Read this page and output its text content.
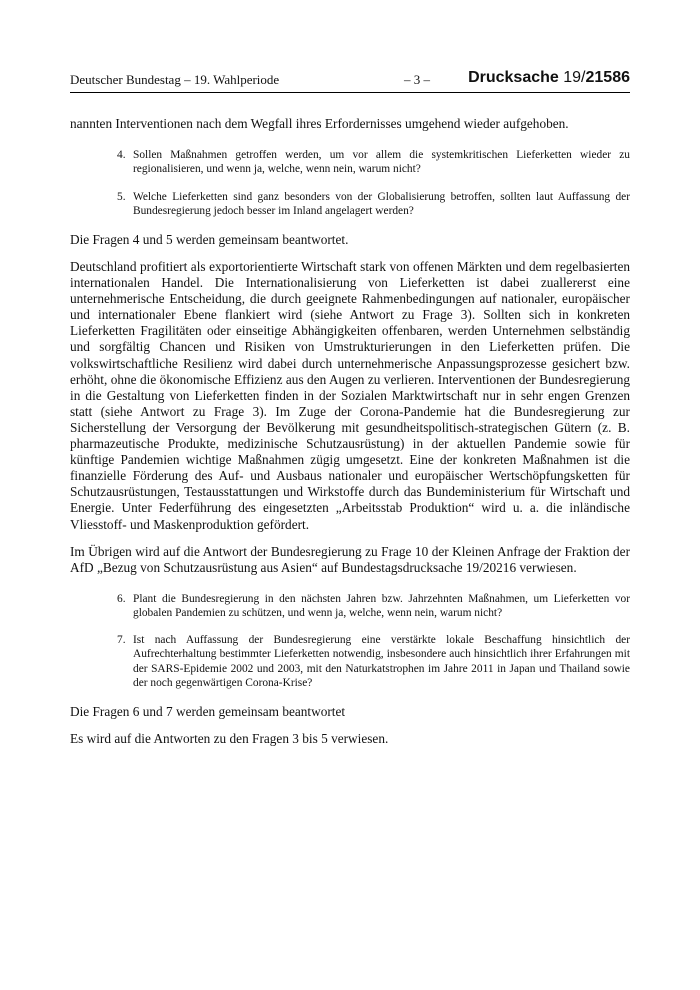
Deutscher Bundestag – 19. Wahlperiode	– 3 – Drucksache 19/21586

nannten Interventionen nach dem Wegfall ihres Erfordernisses umgehend wieder aufgehoben.

4. Sollen Maßnahmen getroffen werden, um vor allem die systemkritischen Lieferketten wieder zu regionalisieren, und wenn ja, welche, wenn nein, warum nicht?
5. Welche Lieferketten sind ganz besonders von der Globalisierung betroffen, sollten laut Auffassung der Bundesregierung jedoch besser im Inland angelagert werden?

Die Fragen 4 und 5 werden gemeinsam beantwortet.

Deutschland profitiert als exportorientierte Wirtschaft stark von offenen Märkten und dem regelbasierten internationalen Handel. Die Internationalisierung von Lieferketten ist dabei zuallererst eine unternehmerische Entscheidung, die durch geeignete Rahmenbedingungen auf nationaler, europäischer und internationaler Ebene flankiert wird (siehe Antwort zu Frage 3). Sollten sich in konkreten Lieferketten Fragilitäten oder einseitige Abhängigkeiten offenbaren, werden Unternehmen selbständig und sorgfältig Chancen und Risiken von Umstrukturierungen in den Lieferketten prüfen. Die volkswirtschaftliche Resilienz wird dabei durch unternehmerische Anpassungsprozesse gesichert bzw. erhöht, ohne die ökonomische Effizienz aus den Augen zu verlieren. Interventionen der Bundesregierung in die Gestaltung von Lieferketten finden in der Sozialen Marktwirtschaft nur in sehr engen Grenzen statt (siehe Antwort zu Frage 3). Im Zuge der Corona-Pandemie hat die Bundesregierung zur Sicherstellung der Versorgung der Bevölkerung mit gesundheitspolitisch-strategischen Gütern (z. B. pharmazeutische Produkte, medizinische Schutzausrüstung) in der aktuellen Pandemie sowie für künftige Pandemien wichtige Maßnahmen zügig umgesetzt. Eine der konkreten Maßnahmen ist die finanzielle Förderung des Auf- und Ausbaus nationaler und europäischer Wertschöpfungsketten für Schutzausrüstungen, Testausstattungen und Wirkstoffe durch das Bundeministerium für Wirtschaft und Energie. Unter Federführung des eingesetzten „Arbeitsstab Produktion“ wird u. a. die inländische Vliesstoff- und Maskenproduktion gefördert.

Im Übrigen wird auf die Antwort der Bundesregierung zu Frage 10 der Kleinen Anfrage der Fraktion der AfD „Bezug von Schutzausrüstung aus Asien“ auf Bundestagsdrucksache 19/20216 verwiesen.

6. Plant die Bundesregierung in den nächsten Jahren bzw. Jahrzehnten Maßnahmen, um Lieferketten vor globalen Pandemien zu schützen, und wenn ja, welche, wenn nein, warum nicht?
7. Ist nach Auffassung der Bundesregierung eine verstärkte lokale Beschaffung hinsichtlich der Aufrechterhaltung bestimmter Lieferketten notwendig, insbesondere auch hinsichtlich ihrer Erfahrungen mit der SARS-Epidemie 2002 und 2003, mit den Naturkatstrophen im Jahre 2011 in Japan und Thailand sowie der noch gegenwärtigen Corona-Krise?

Die Fragen 6 und 7 werden gemeinsam beantwortet

Es wird auf die Antworten zu den Fragen 3 bis 5 verwiesen.
